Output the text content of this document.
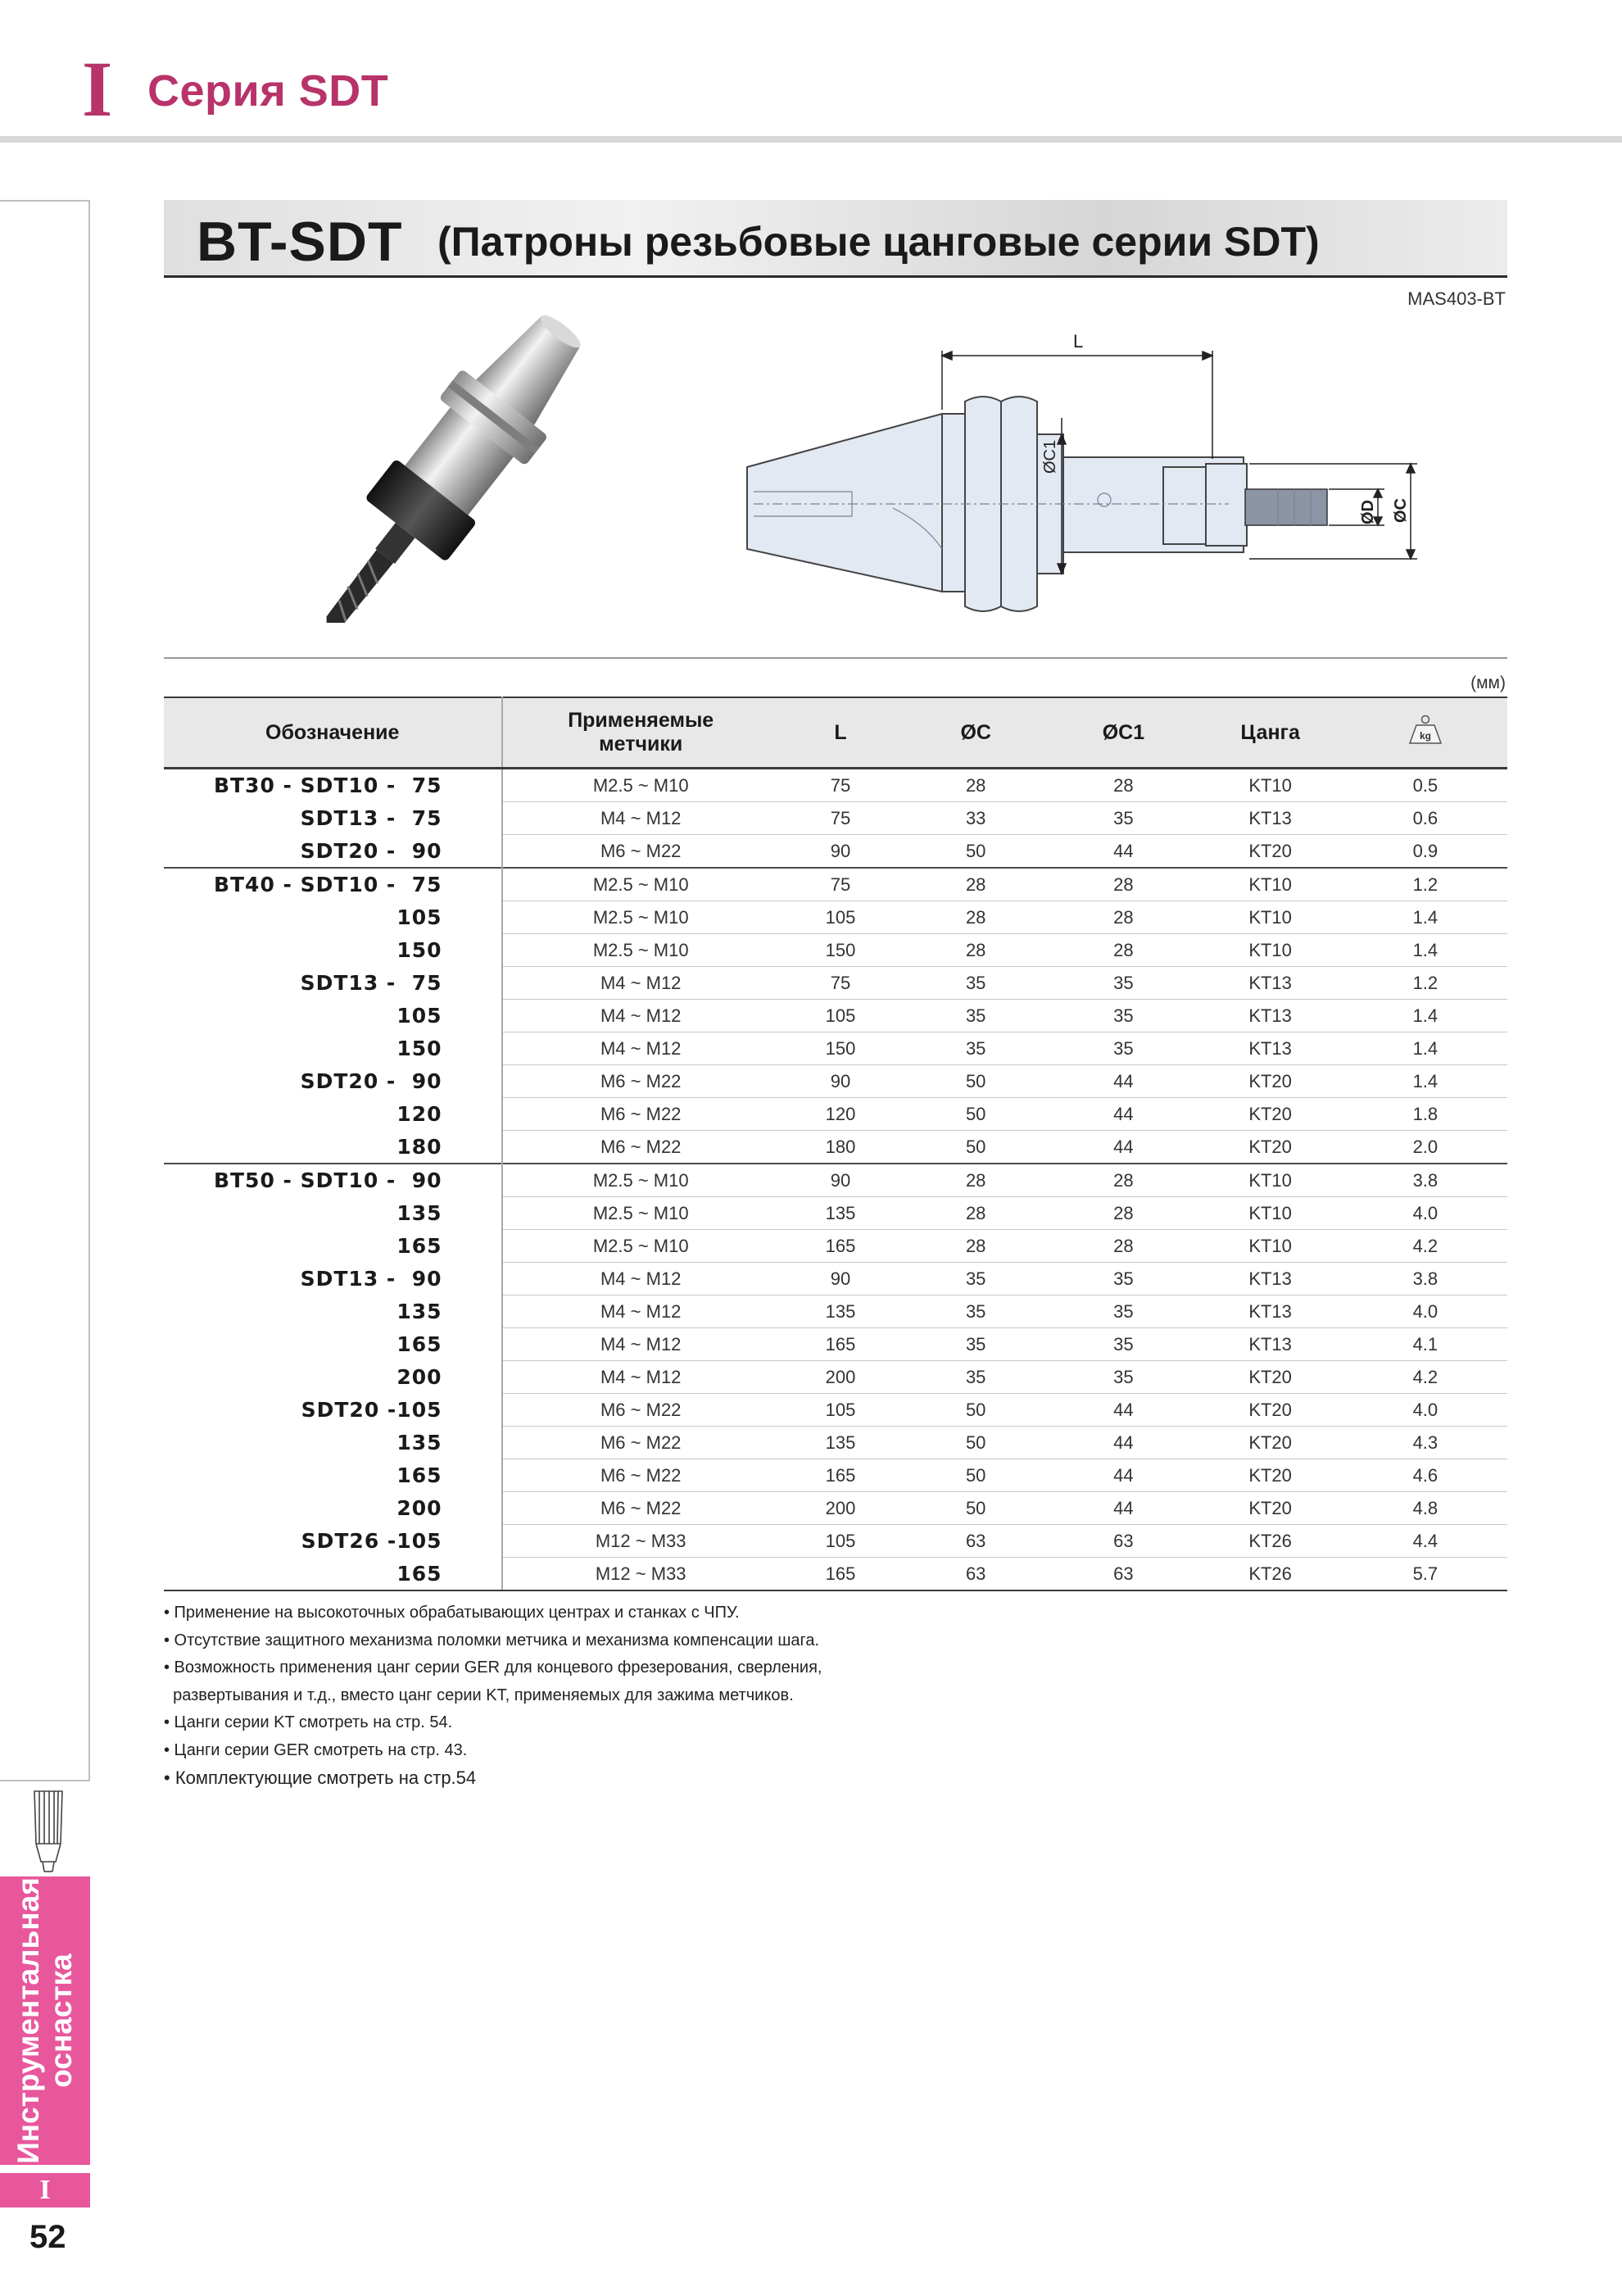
I Серия SDT
Инструментальная оснастка
I
52
BT-SDT (Патроны резьбовые цанговые серии SDT)
MAS403-BT
L
ØC1
ØD ØC
(мм)
Обозначение	Применяемые
метчики	L	ØC	ØC1	Цанга	kg

BT30 - SDT10 -  75	M2.5 ~ M10	75	28	28	KT10	0.5
SDT13 -  75	M4 ~ M12	75	33	35	KT13	0.6
SDT20 -  90	M6 ~ M22	90	50	44	KT20	0.9
BT40 - SDT10 -  75	M2.5 ~ M10	75	28	28	KT10	1.2
105	M2.5 ~ M10	105	28	28	KT10	1.4
150	M2.5 ~ M10	150	28	28	KT10	1.4
SDT13 -  75	M4 ~ M12	75	35	35	KT13	1.2
105	M4 ~ M12	105	35	35	KT13	1.4
150	M4 ~ M12	150	35	35	KT13	1.4
SDT20 -  90	M6 ~ M22	90	50	44	KT20	1.4
120	M6 ~ M22	120	50	44	KT20	1.8
180	M6 ~ M22	180	50	44	KT20	2.0
BT50 - SDT10 -  90	M2.5 ~ M10	90	28	28	KT10	3.8
135	M2.5 ~ M10	135	28	28	KT10	4.0
165	M2.5 ~ M10	165	28	28	KT10	4.2
SDT13 -  90	M4 ~ M12	90	35	35	KT13	3.8
135	M4 ~ M12	135	35	35	KT13	4.0
165	M4 ~ M12	165	35	35	KT13	4.1
200	M4 ~ M12	200	35	35	KT20	4.2
SDT20 -105	M6 ~ M22	105	50	44	KT20	4.0
135	M6 ~ M22	135	50	44	KT20	4.3
165	M6 ~ M22	165	50	44	KT20	4.6
200	M6 ~ M22	200	50	44	KT20	4.8
SDT26 -105	M12 ~ M33	105	63	63	KT26	4.4
165	M12 ~ M33	165	63	63	KT26	5.7
• Применение на высокоточных обрабатывающих центрах и станках с ЧПУ.
• Отсутствие защитного механизма поломки метчика и механизма компенсации шага.
• Возможность применения цанг серии GER для концевого фрезерования, сверления,
развертывания и т.д., вместо цанг серии KT, применяемых для зажима метчиков.
• Цанги серии KT смотреть на стр. 54.
• Цанги серии GER смотреть на стр. 43.
• Комплектующие смотреть на стр.54
